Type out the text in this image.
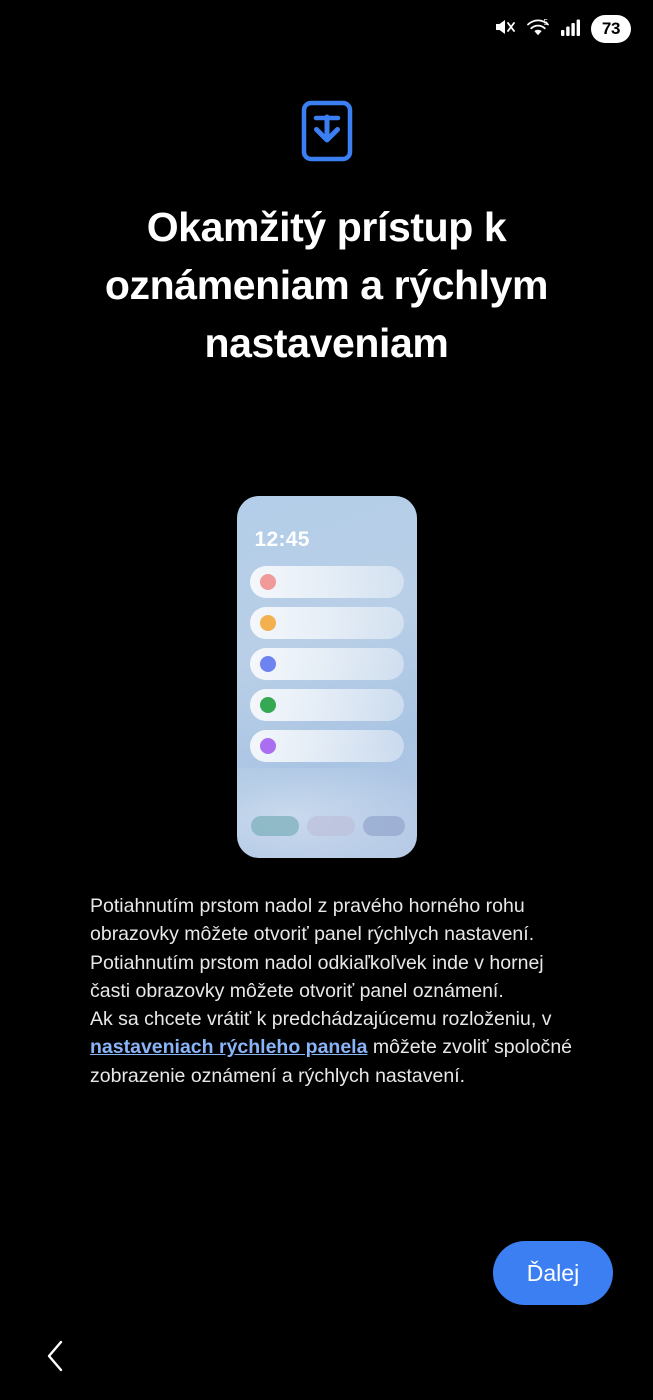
5	73
Okamžitý prístup k oznámeniam a rýchlym nastaveniam
12:45

Potiahnutím prstom nadol z pravého horného rohu obrazovky môžete otvoriť panel rýchlych nastavení. Potiahnutím prstom nadol odkiaľkoľvek inde v hornej časti obrazovky môžete otvoriť panel oznámení.

Ak sa chcete vrátiť k predchádzajúcemu rozloženiu, v nastaveniach rýchleho panela môžete zvoliť spoločné zobrazenie oznámení a rýchlych nastavení.

Ďalej
